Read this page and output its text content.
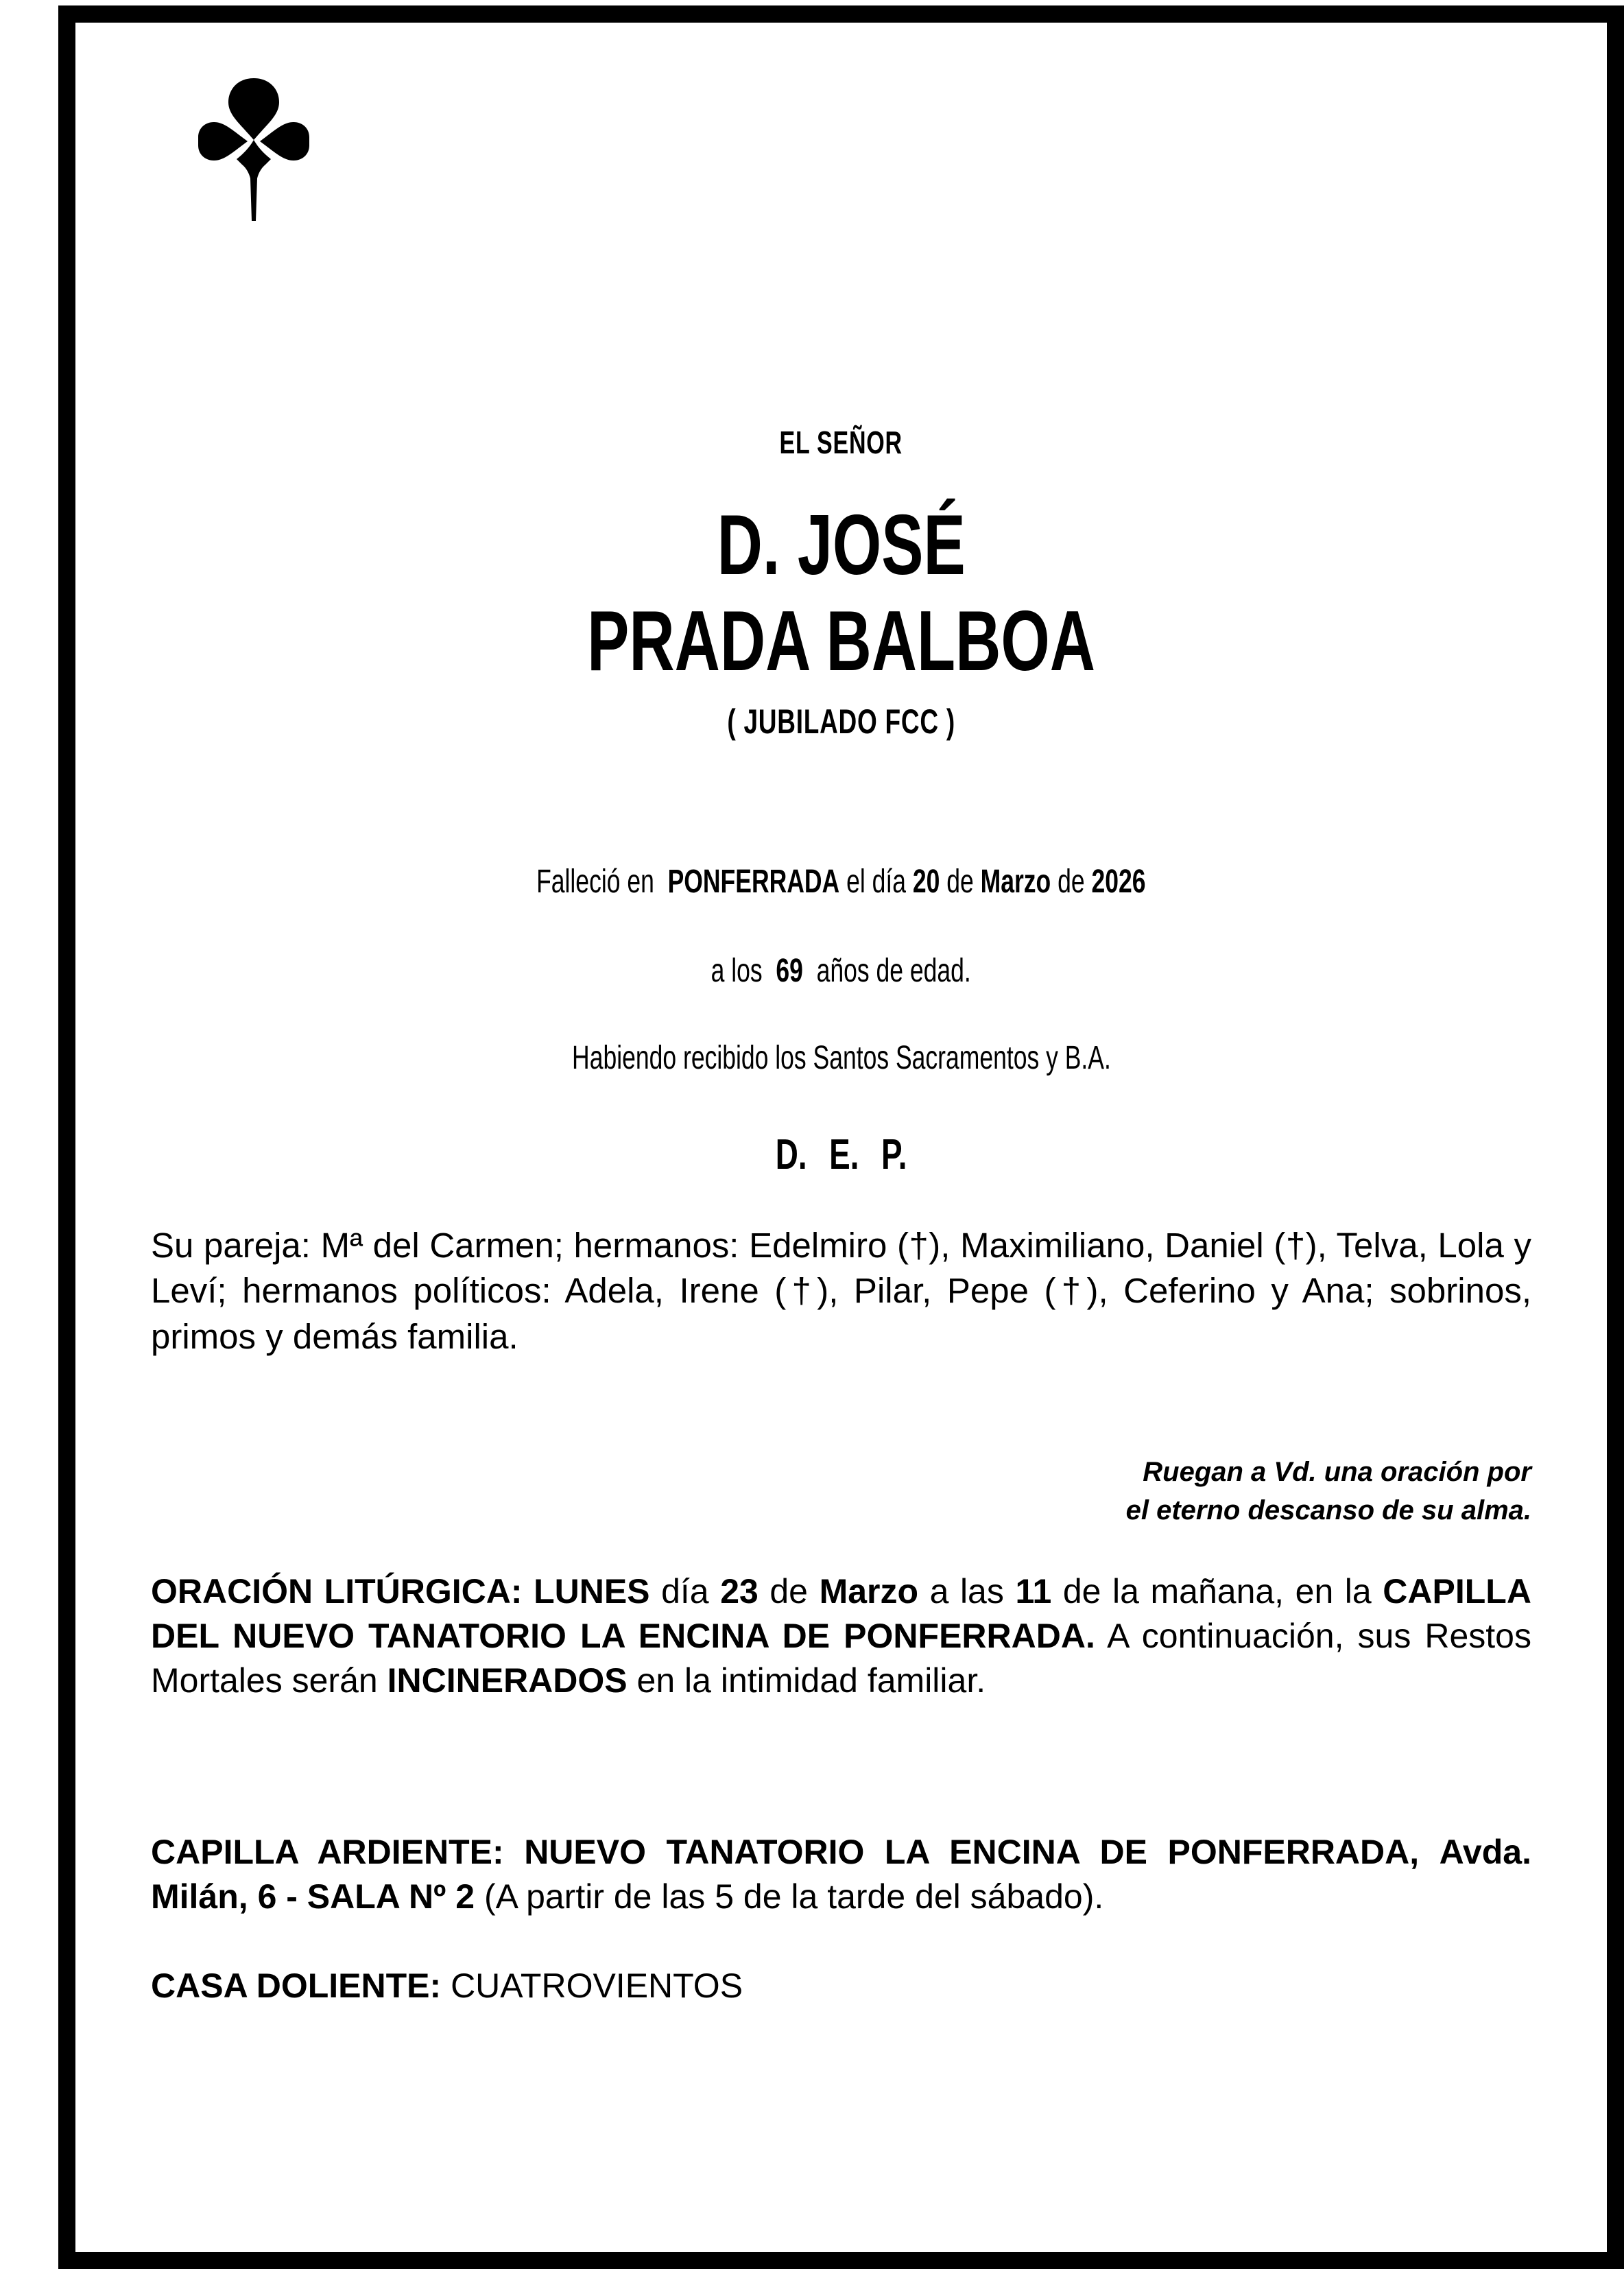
EL SEÑOR
D. JOSÉ
PRADA BALBOA
( JUBILADO FCC )
Falleció en PONFERRADA el día 20 de Marzo de 2026
a los 69 años de edad.
Habiendo recibido los Santos Sacramentos y B.A.
D. E. P.
Su pareja: Mª del Carmen; hermanos: Edelmiro (†), Maximiliano, Daniel (†), Telva, Lola y Leví; hermanos políticos: Adela, Irene (†), Pilar, Pepe (†), Ceferino y Ana; sobrinos, primos y demás familia.
Ruegan a Vd. una oración por
el eterno descanso de su alma.
ORACIÓN LITÚRGICA: LUNES día 23 de Marzo a las 11 de la mañana, en la CAPILLA DEL NUEVO TANATORIO LA ENCINA DE PONFERRADA. A continuación, sus Restos Mortales serán INCINERADOS en la intimidad familiar.
CAPILLA ARDIENTE: NUEVO TANATORIO LA ENCINA DE PONFERRADA, Avda. Milán, 6 - SALA Nº 2 (A partir de las 5 de la tarde del sábado).
CASA DOLIENTE: CUATROVIENTOS
